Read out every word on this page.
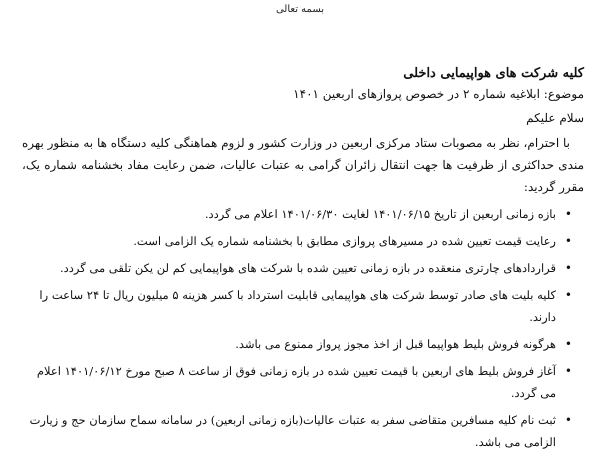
بسمه تعالی
کلیه شرکت های هواپیمایی داخلی
موضوع: ابلاغیه شماره ۲ در خصوص پروازهای اربعین ۱۴۰۱
سلام علیکم
با احترام، نظر به مصوبات ستاد مرکزی اربعین در وزارت کشور و لزوم هماهنگی کلیه دستگاه ها به منظور بهره مندی حداکثری از ظرفیت ها جهت انتقال زائران گرامی به عتبات عالیات، ضمن رعایت مفاد بخشنامه شماره یک، مقرر گردید:
• بازه زمانی اربعین از تاریخ ۱۴۰۱/۰۶/۱۵ لغایت ۱۴۰۱/۰۶/۳۰ اعلام می گردد.
• رعایت قیمت تعیین شده در مسیرهای پروازی مطابق با بخشنامه شماره یک الزامی است.
• قراردادهای چارتری منعقده در بازه زمانی تعیین شده با شرکت های هواپیمایی کم لن یکن تلقی می گردد.
• کلیه بلیت های صادر توسط شرکت های هواپیمایی قابلیت استرداد با کسر هزینه ۵ میلیون ریال تا ۲۴ ساعت را دارند.
• هرگونه فروش بلیط هواپیما قبل از اخذ مجوز پرواز ممنوع می باشد.
• آغاز فروش بلیط های اربعین با قیمت تعیین شده در بازه زمانی فوق از ساعت ۸ صبح مورخ ۱۴۰۱/۰۶/۱۲ اعلام می گردد.
• ثبت نام کلیه مسافرین متقاضی سفر به عتبات عالیات(بازه زمانی اربعین) در سامانه سماح سازمان حج و زیارت الزامی می باشد.
